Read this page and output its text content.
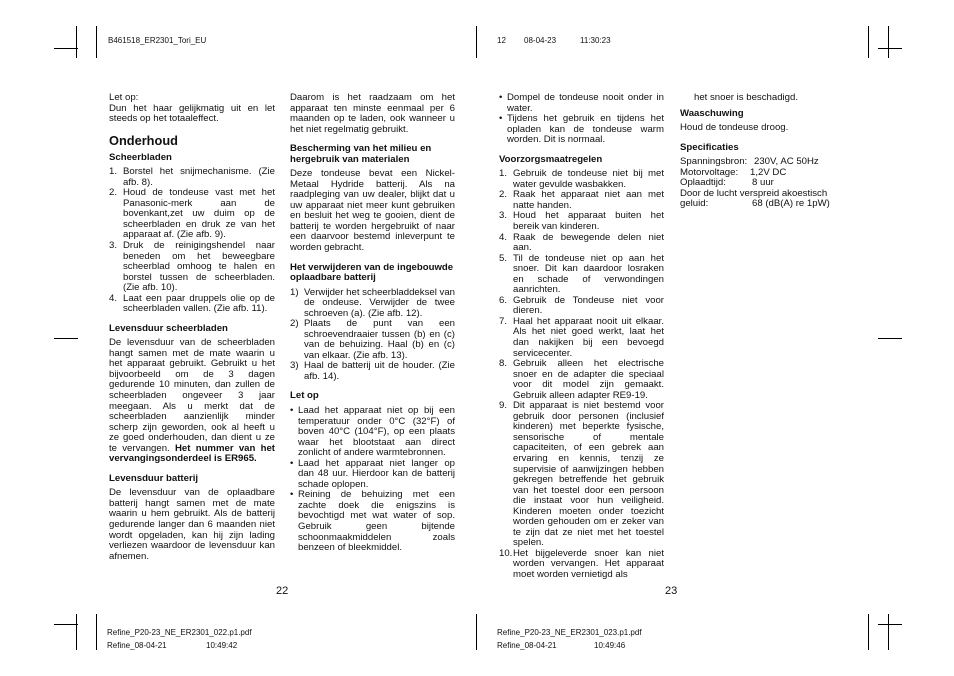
B461518_ER2301_Tori_EU	12 08-04-23	11:30:23

Let op:

Dun het haar gelijkmatig uit en let steeds op het totaaleffect.

Onderhoud
Scheerbladen
1. Borstel het snijmechanisme. (Zie afb. 8).
2. Houd de tondeuse vast met het Panasonic-merk aan de bovenkant,zet uw duim op de scheerbladen en druk ze van het apparaat af. (Zie afb. 9).
3. Druk de reinigingshendel naar beneden om het beweegbare scheerblad omhoog te halen en borstel tussen de scheerbladen. (Zie afb. 10).
4. Laat een paar druppels olie op de scheerbladen vallen. (Zie afb. 11).
Levensduur scheerbladen

De levensduur van de scheerbladen hangt samen met de mate waarin u het apparaat gebruikt. Gebruikt u het bijvoorbeeld om de 3 dagen gedurende 10 minuten, dan zullen de scheerbladen ongeveer 3 jaar meegaan. Als u merkt dat de scheerbladen aanzienlijk minder scherp zijn geworden, ook al heeft u ze goed onderhouden, dan dient u ze te vervangen. Het nummer van het vervangingsonderdeel is ER965.

Levensduur batterij

De levensduur van de oplaadbare batterij hangt samen met de mate waarin u hem gebruikt. Als de batterij gedurende langer dan 6 maanden niet wordt opgeladen, kan hij zijn lading verliezen waardoor de levensduur kan afnemen.

Daarom is het raadzaam om het apparaat ten minste eenmaal per 6 maanden op te laden, ook wanneer u het niet regelmatig gebruikt.

Bescherming van het milieu en hergebruik van materialen

Deze tondeuse bevat een Nickel-Metaal Hydride batterij. Als na raadpleging van uw dealer, blijkt dat u uw apparaat niet meer kunt gebruiken en besluit het weg te gooien, dient de batterij te worden hergebruikt of naar een daarvoor bestemd inleverpunt te worden gebracht.

Het verwijderen van de ingebouwde oplaadbare batterij
1) Verwijder het scheerbladdeksel van de ondeuse. Verwijder de twee schroeven (a). (Zie afb. 12).
2) Plaats de punt van een schroevendraaier tussen (b) en (c) van de behuizing. Haal (b) en (c) van elkaar. (Zie afb. 13).
3) Haal de batterij uit de houder. (Zie afb. 14).
Let op
• Laad het apparaat niet op bij een temperatuur onder 0°C (32°F) of boven 40°C (104°F), op een plaats waar het blootstaat aan direct zonlicht of andere warmtebronnen.
• Laad het apparaat niet langer op dan 48 uur. Hierdoor kan de batterij schade oplopen.
• Reining de behuizing met een zachte doek die enigszins is bevochtigd met wat water of sop. Gebruik geen bijtende schoonmaakmiddelen zoals benzeen of bleekmiddel.
• Dompel de tondeuse nooit onder in water.
• Tijdens het gebruik en tijdens het opladen kan de tondeuse warm worden. Dit is normaal.
Voorzorgsmaatregelen
1. Gebruik de tondeuse niet bij met water gevulde wasbakken.
2. Raak het apparaat niet aan met natte handen.
3. Houd het apparaat buiten het bereik van kinderen.
4. Raak de bewegende delen niet aan.
5. Til de tondeuse niet op aan het snoer. Dit kan daardoor losraken en schade of verwondingen aanrichten.
6. Gebruik de Tondeuse niet voor dieren.
7. Haal het apparaat nooit uit elkaar. Als het niet goed werkt, laat het dan nakijken bij een bevoegd servicecenter.
8. Gebruik alleen het electrische snoer en de adapter die speciaal voor dit model zijn gemaakt. Gebruik alleen adapter RE9-19.
9. Dit apparaat is niet bestemd voor gebruik door personen (inclusief kinderen) met beperkte fysische, sensorische of mentale capaciteiten, of een gebrek aan ervaring en kennis, tenzij ze supervisie of aanwijzingen hebben gekregen betreffende het gebruik van het toestel door een persoon die instaat voor hun veiligheid. Kinderen moeten onder toezicht worden gehouden om er zeker van te zijn dat ze niet met het toestel spelen.
10. Het bijgeleverde snoer kan niet worden vervangen. Het apparaat moet worden vernietigd als

het snoer is beschadigd.

Waaschuwing

Houd de tondeuse droog.

Specificaties
Spanningsbron: 230V, AC 50Hz
Motorvoltage:	1,2V DC
Oplaadtijd:	8 uur
Door de lucht verspreid akoestisch
geluid:	68 (dB(A) re 1pW)
22	23
Refine_P20-23_NE_ER2301_022.p1.pdf
Refine_08-04-21	10:49:42
Refine_P20-23_NE_ER2301_023.p1.pdf
Refine_08-04-21	10:49:46
